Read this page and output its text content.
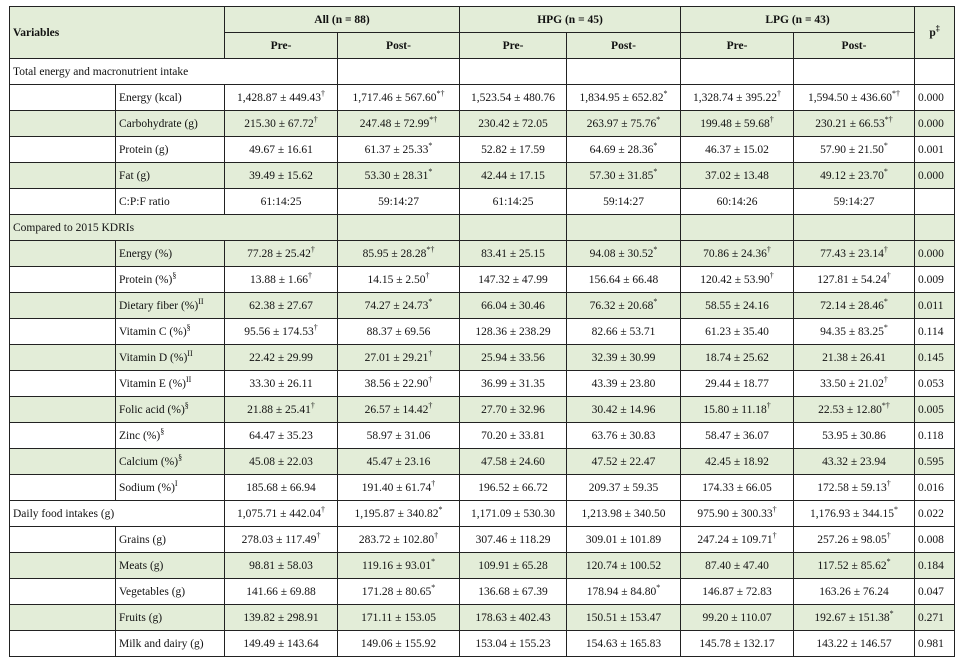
Variables		All (n = 88)		HPG (n = 45)		LPG (n = 43)		p‡
		Pre-	Post-	Pre-	Post-	Pre-	Post-	
Total energy and macronutrient intake								
	Energy (kcal)	1,428.87 ± 449.43†	1,717.46 ± 567.60*†	1,523.54 ± 480.76	1,834.95 ± 652.82*	1,328.74 ± 395.22†	1,594.50 ± 436.60*†	0.000
	Carbohydrate (g)	215.30 ± 67.72†	247.48 ± 72.99*†	230.42 ± 72.05	263.97 ± 75.76*	199.48 ± 59.68†	230.21 ± 66.53*†	0.000
	Protein (g)	49.67 ± 16.61	61.37 ± 25.33*	52.82 ± 17.59	64.69 ± 28.36*	46.37 ± 15.02	57.90 ± 21.50*	0.001
	Fat (g)	39.49 ± 15.62	53.30 ± 28.31*	42.44 ± 17.15	57.30 ± 31.85*	37.02 ± 13.48	49.12 ± 23.70*	0.000
	C:P:F ratio	61:14:25	59:14:27	61:14:25	59:14:27	60:14:26	59:14:27	
Compared to 2015 KDRIs								
	Energy (%)	77.28 ± 25.42†	85.95 ± 28.28*†	83.41 ± 25.15	94.08 ± 30.52*	70.86 ± 24.36†	77.43 ± 23.14†	0.000
	Protein (%)§	13.88 ± 1.66†	14.15 ± 2.50†	147.32 ± 47.99	156.64 ± 66.48	120.42 ± 53.90†	127.81 ± 54.24†	0.009
	Dietary fiber (%)$^{II}$	62.38 ± 27.67	74.27 ± 24.73*	66.04 ± 30.46	76.32 ± 20.68*	58.55 ± 24.16	72.14 ± 28.46*	0.011
	Vitamin C (%)§	95.56 ± 174.53†	88.37 ± 69.56	128.36 ± 238.29	82.66 ± 53.71	61.23 ± 35.40	94.35 ± 83.25*	0.114
	Vitamin D (%)$^{II}$	22.42 ± 29.99	27.01 ± 29.21†	25.94 ± 33.56	32.39 ± 30.99	18.74 ± 25.62	21.38 ± 26.41	0.145
	Vitamin E (%)$^{II}$	33.30 ± 26.11	38.56 ± 22.90†	36.99 ± 31.35	43.39 ± 23.80	29.44 ± 18.77	33.50 ± 21.02†	0.053
	Folic acid (%)§	21.88 ± 25.41†	26.57 ± 14.42†	27.70 ± 32.96	30.42 ± 14.96	15.80 ± 11.18†	22.53 ± 12.80*†	0.005
	Zinc (%)§	64.47 ± 35.23	58.97 ± 31.06	70.20 ± 33.81	63.76 ± 30.83	58.47 ± 36.07	53.95 ± 30.86	0.118
	Calcium (%)§	45.08 ± 22.03	45.47 ± 23.16	47.58 ± 24.60	47.52 ± 22.47	42.45 ± 18.92	43.32 ± 23.94	0.595
	Sodium (%)$^I$	185.68 ± 66.94	191.40 ± 61.74†	196.52 ± 66.72	209.37 ± 59.35	174.33 ± 66.05	172.58 ± 59.13†	0.016
Daily food intakes (g)		1,075.71 ± 442.04†	1,195.87 ± 340.82*	1,171.09 ± 530.30	1,213.98 ± 340.50	975.90 ± 300.33†	1,176.93 ± 344.15*	0.022
	Grains (g)	278.03 ± 117.49†	283.72 ± 102.80†	307.46 ± 118.29	309.01 ± 101.89	247.24 ± 109.71†	257.26 ± 98.05†	0.008
	Meats (g)	98.81 ± 58.03	119.16 ± 93.01*	109.91 ± 65.28	120.74 ± 100.52	87.40 ± 47.40	117.52 ± 85.62*	0.184
	Vegetables (g)	141.66 ± 69.88	171.28 ± 80.65*	136.68 ± 67.39	178.94 ± 84.80*	146.87 ± 72.83	163.26 ± 76.24	0.047
	Fruits (g)	139.82 ± 298.91	171.11 ± 153.05	178.63 ± 402.43	150.51 ± 153.47	99.20 ± 110.07	192.67 ± 151.38*	0.271
	Milk and dairy (g)	149.49 ± 143.64	149.06 ± 155.92	153.04 ± 155.23	154.63 ± 165.83	145.78 ± 132.17	143.22 ± 146.57	0.981
